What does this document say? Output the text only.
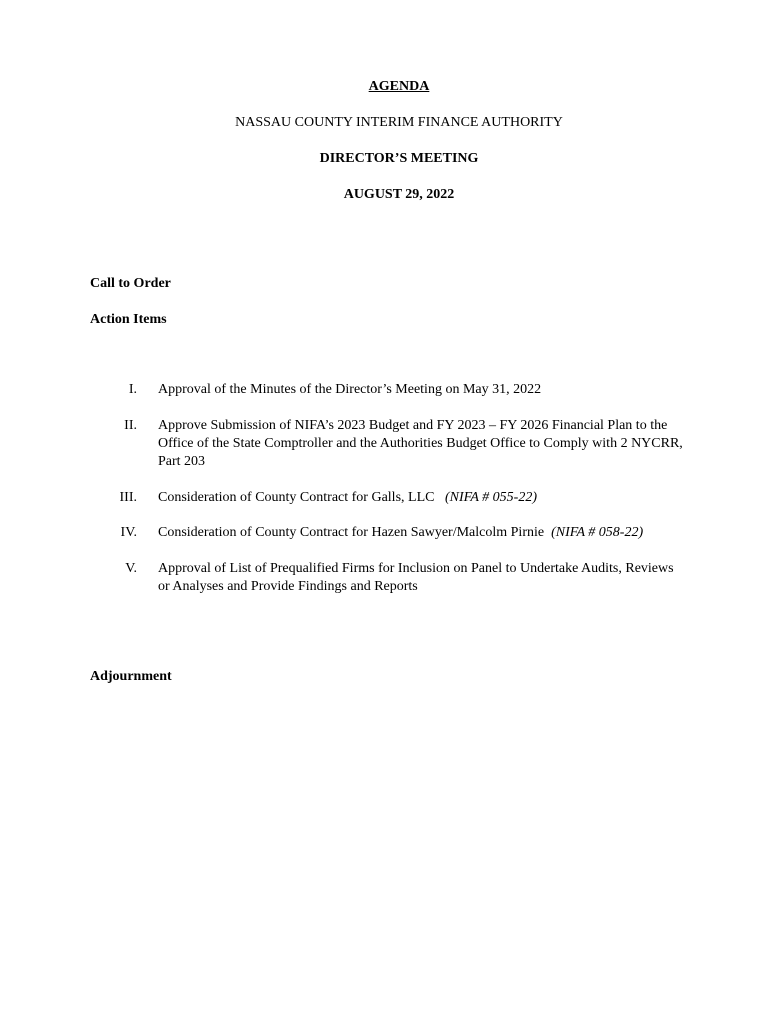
AGENDA
NASSAU COUNTY INTERIM FINANCE AUTHORITY
DIRECTOR’S MEETING
AUGUST 29, 2022
Call to Order
Action Items
I. Approval of the Minutes of the Director’s Meeting on May 31, 2022
II. Approve Submission of NIFA’s 2023 Budget and FY 2023 – FY 2026 Financial Plan to the Office of the State Comptroller and the Authorities Budget Office to Comply with 2 NYCRR, Part 203
III. Consideration of County Contract for Galls, LLC (NIFA # 055-22)
IV. Consideration of County Contract for Hazen Sawyer/Malcolm Pirnie (NIFA # 058-22)
V. Approval of List of Prequalified Firms for Inclusion on Panel to Undertake Audits, Reviews or Analyses and Provide Findings and Reports
Adjournment
